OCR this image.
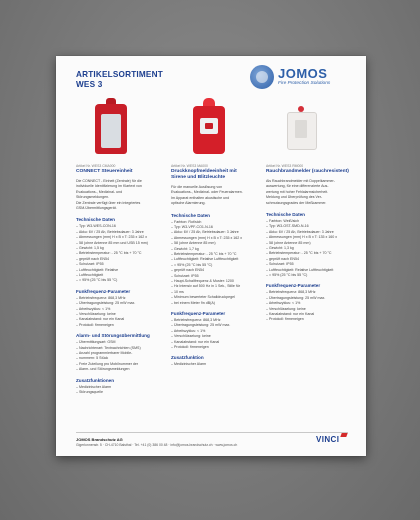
ARTIKELSORTIMENT
WES 3
JOMOS
Fire Protection Solutions
Artikel Nr. WES3 CMA000
CONNECT Steuereinheit
Die CONNECT - Einheit (Zentrale) für die
individuelle Identifizierung im Klartext von
Evakuations-, Medizinal- und
Störungsmeldungen.
Die Zentrale verfügt über ein integriertes
GSM-Übermittlungsgerät.
Technische Daten
– Typ: W3-WES-CON-16
– Akku: 6V / 25 Ah, Betriebsdauer: 3 Jahre
– Abmessungen (mm) H x B x T: 235 x 162 x
– 58 (ohne Antenne 85 mm und USB 15 mm)
– Gewicht: 1,5 kg
– Betriebstemperatur: - 25 °C bis + 70 °C
– geprüft nach EN54
– Schutzart: IP55
– Luftfeuchtigkeit: Relative
– Luftfeuchtigkeit
– = 95% (25 °C bis 55 °C)
Funkfrequenz-Parameter
– Betriebsfrequenz: 868,3 MHz
– Übertragungsleistung: 25 mW max.
– Arbeitszyklus: < 1%
– Verschlüsselung: keine
– Kanalabstand: nur ein Kanal
– Protokoll: firmeneigen
Alarm- und Störungsübermittlung
– Übermittlungsart: GSM
– Nachrichtenart: Textnachrichten (SMS)
– Anzahl programmierbarer Mobile-
– nummern: 5 Stück
– Freie Zuteilung pro Mobilnummer der
– Alarm- und Störungsmeldungen
Zusatzfunktionen
– Medizinischer Alarm
– Störungsquelle
Artikel Nr. WES3 MA000
Druckknopfmeldeeinheit mit
Sirene und Blitzleuchte
Für die manuelle Auslösung von
Evakuations-, Medizinal- oder Feueralarmen.
Im Apparat enthalten akustische und
optische Alarmierung.
Technische Daten
– Farbton: Rot/sich
– Typ: W3-VPF-CO1-N-16
– Akku: 6V / 25 Ah, Betriebsdauer: 3 Jahre
– Abmessungen (mm) H x B x T: 235 x 162 x
– 58 (ohne Antenne 85 mm)
– Gewicht: 1,7 kg
– Betriebstemperatur: - 25 °C bis + 70 °C
– Luftfeuchtigkeit: Relative Luftfeuchtigkeit
– = 95% (25 °C bis 55 °C)
– geprüft nach EN54
– Schutzart: IP55
– Haupt-Schallfrequenz & Muster: 1200
– Hz Intensiv auf 500 Hz in 1 Sek., Stille für
– 10 ms
– Minimum bewerteter Schalldruckpegel
– bei einem Meter 9n dB(A)
Funkfrequenz-Parameter
– Betriebsfrequenz: 868,3 MHz
– Übertragungsleistung: 25 mW max.
– Arbeitszyklus: < 1%
– Verschlüsselung: keine
– Kanalabstand: nur ein Kanal
– Protokoll: firmeneigen
Zusatzfunktion
– Medizinischer Alarm
Artikel Nr. WES3 RM000
Rauchbrandmelder (rauchresistent)
Als Rauchbrandmelder mit Doppelkammer-
auswertung, für eine differenzierte Aus-
wertung mit hoher Fehlalarmsicherheit.
Meldung und Überprüfung des Ver-
schmutzungsgrades der Meßkammer.
Technische Daten
– Farbton: Weiß/sich
– Typ: W3-OST-SMD-N-16
– Akku: 6V / 25 Ah, Betriebsdauer: 3 Jahre
– Abmessungen (mm) H x B x T: 135 x 160 x
– 58 (ohne Antenne 85 mm)
– Gewicht: 1,3 kg
– Betriebstemperatur: - 25 °C bis + 70 °C
– geprüft nach EN54
– Schutzart: IP55
– Luftfeuchtigkeit: Relative Luftfeuchtigkeit
– = 95% (25 °C bis 55 °C)
Funkfrequenz-Parameter
– Betriebsfrequenz: 868,3 MHz
– Übertragungsleistung: 25 mW max.
– Arbeitszyklus: < 1%
– Verschlüsselung: keine
– Kanalabstand: nur ein Kanal
– Protokoll: firmeneigen
JOMOS Brandschutz AG
Gigerlonnenstr. 5 · CH-4710 Balsthal · Tel. +41 (0) 386 00 48 · info@jomos-brandschutz.ch · www.jomos.ch
VINCI
